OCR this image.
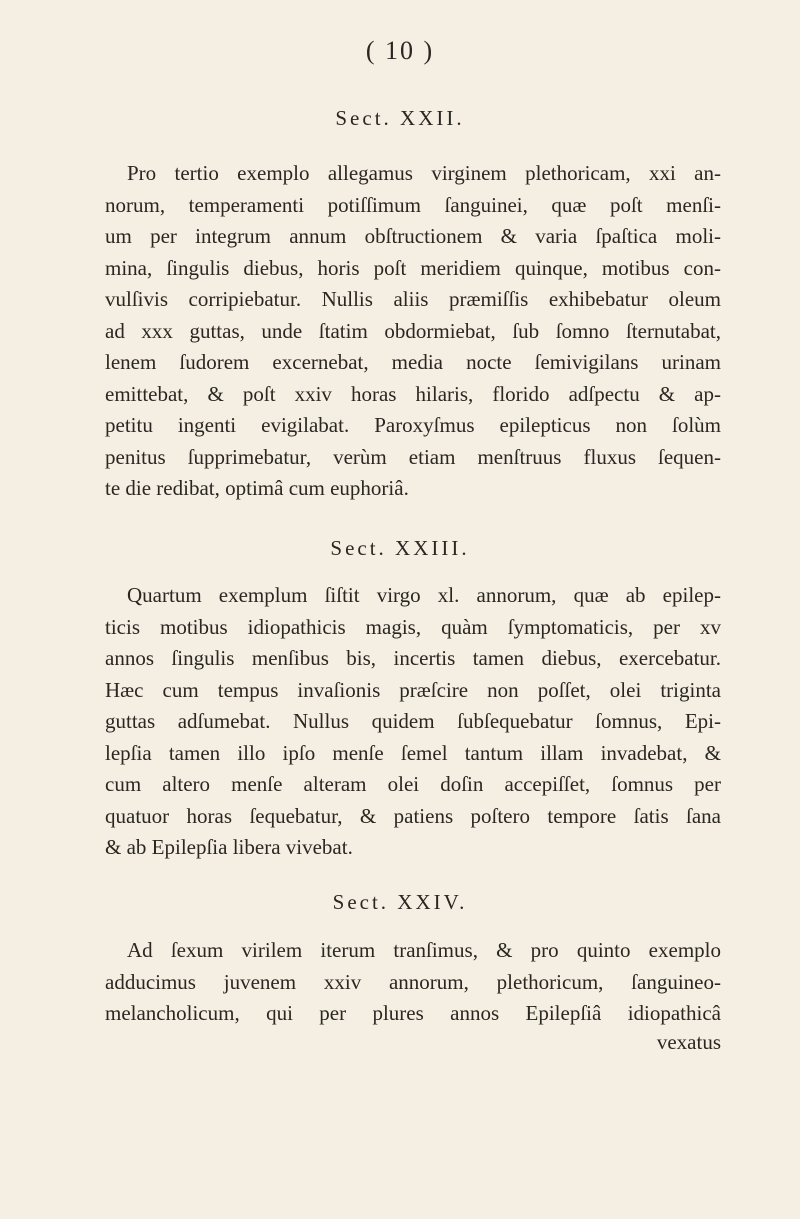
( 10 )
Sect. XXII.
Pro tertio exemplo allegamus virginem plethoricam, xxi an-
norum, temperamenti potiſſimum ſanguinei, quæ poſt menſi-
um per integrum annum obſtructionem & varia ſpaſtica moli-
mina, ſingulis diebus, horis poſt meridiem quinque, motibus con-
vulſivis corripiebatur. Nullis aliis præmiſſis exhibebatur oleum
ad xxx guttas, unde ſtatim obdormiebat, ſub ſomno ſternutabat,
lenem ſudorem excernebat, media nocte ſemivigilans urinam
emittebat, & poſt xxiv horas hilaris, florido adſpectu & ap-
petitu ingenti evigilabat. Paroxyſmus epilepticus non ſolùm
penitus ſupprimebatur, verùm etiam menſtruus fluxus ſequen-
te die redibat, optimâ cum euphoriâ.
Sect. XXIII.
Quartum exemplum ſiſtit virgo xl. annorum, quæ ab epilep-
ticis motibus idiopathicis magis, quàm ſymptomaticis, per xv
annos ſingulis menſibus bis, incertis tamen diebus, exercebatur.
Hæc cum tempus invaſionis præſcire non poſſet, olei triginta
guttas adſumebat. Nullus quidem ſubſequebatur ſomnus, Epi-
lepſia tamen illo ipſo menſe ſemel tantum illam invadebat, &
cum altero menſe alteram olei doſin accepiſſet, ſomnus per
quatuor horas ſequebatur, & patiens poſtero tempore ſatis ſana
& ab Epilepſia libera vivebat.
Sect. XXIV.
Ad ſexum virilem iterum tranſimus, & pro quinto exemplo
adducimus juvenem xxiv annorum, plethoricum, ſanguineo-
melancholicum, qui per plures annos Epilepſiâ idiopathicâ
vexatus
